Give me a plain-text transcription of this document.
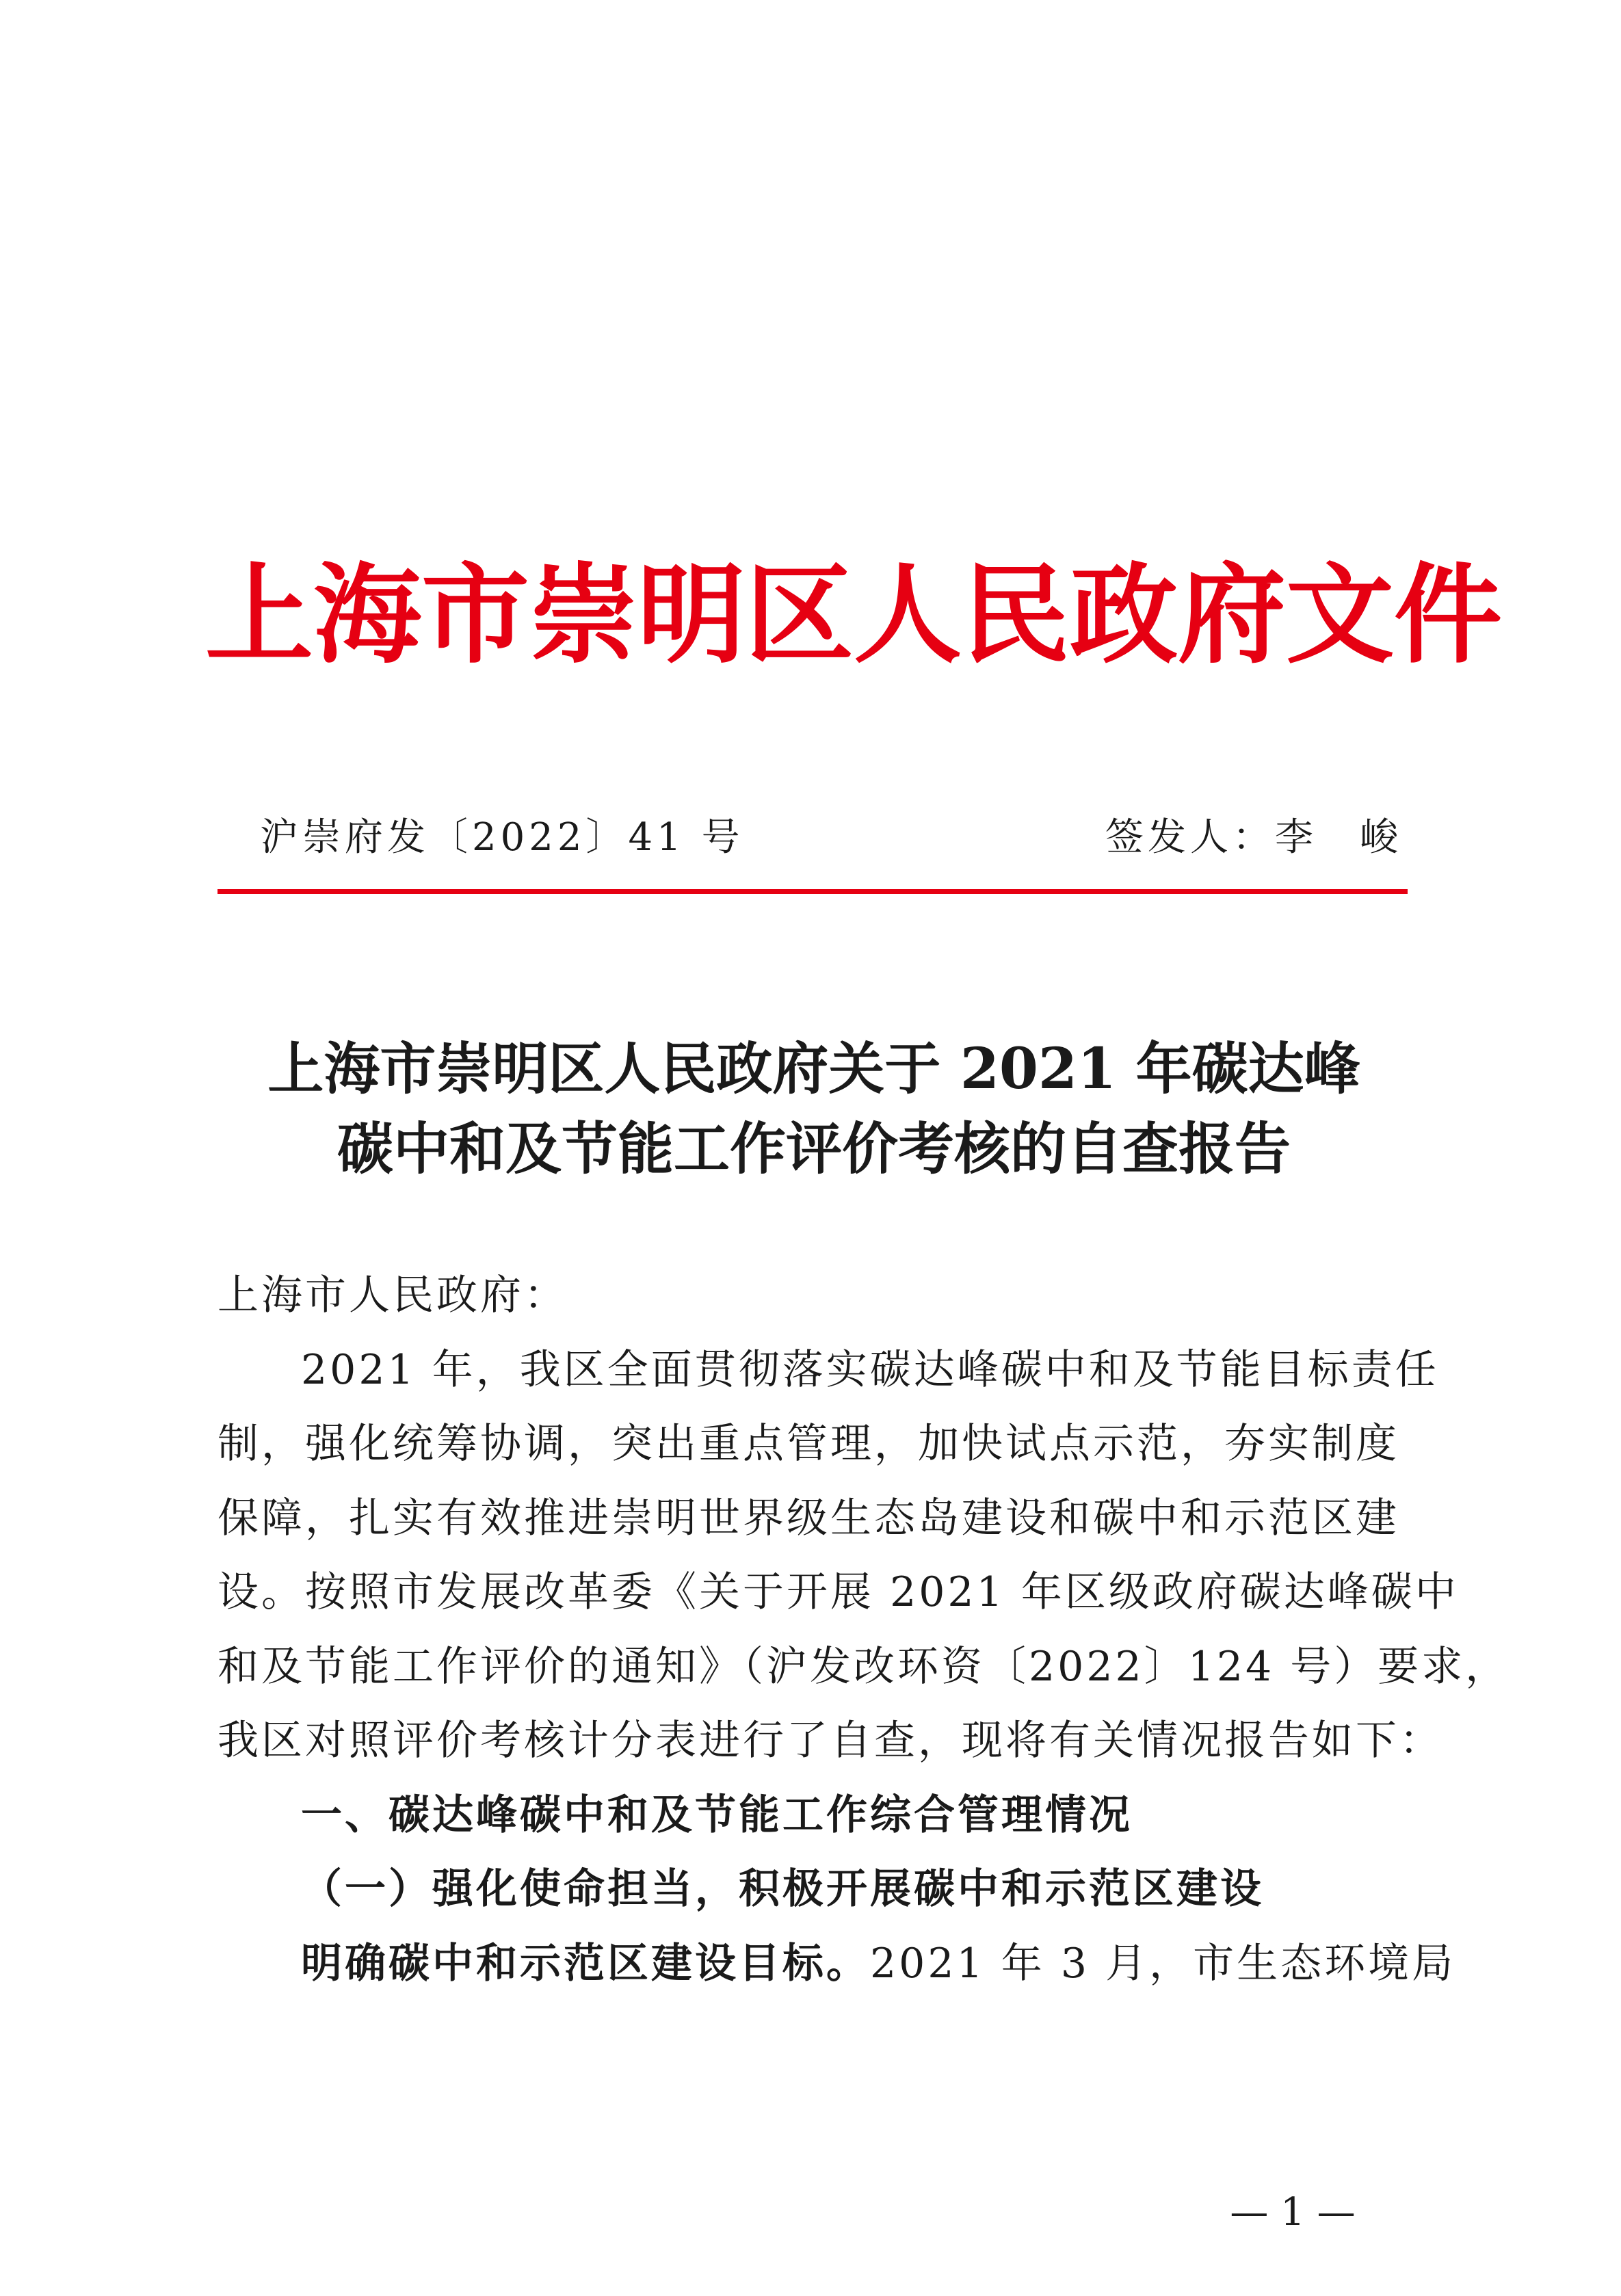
上海市崇明区人民政府文件
沪崇府发〔2022〕41 号	签发人：李　峻
上海市崇明区人民政府关于 2021 年碳达峰
碳中和及节能工作评价考核的自查报告
上海市人民政府：
2021 年，我区全面贯彻落实碳达峰碳中和及节能目标责任
制，强化统筹协调，突出重点管理，加快试点示范，夯实制度
保障，扎实有效推进崇明世界级生态岛建设和碳中和示范区建
设。按照市发展改革委《关于开展 2021 年区级政府碳达峰碳中
和及节能工作评价的通知》（沪发改环资〔2022〕124 号）要求，
我区对照评价考核计分表进行了自查，现将有关情况报告如下：
一、碳达峰碳中和及节能工作综合管理情况
（一）强化使命担当，积极开展碳中和示范区建设
明确碳中和示范区建设目标。2021 年 3 月，市生态环境局
— 1 —
